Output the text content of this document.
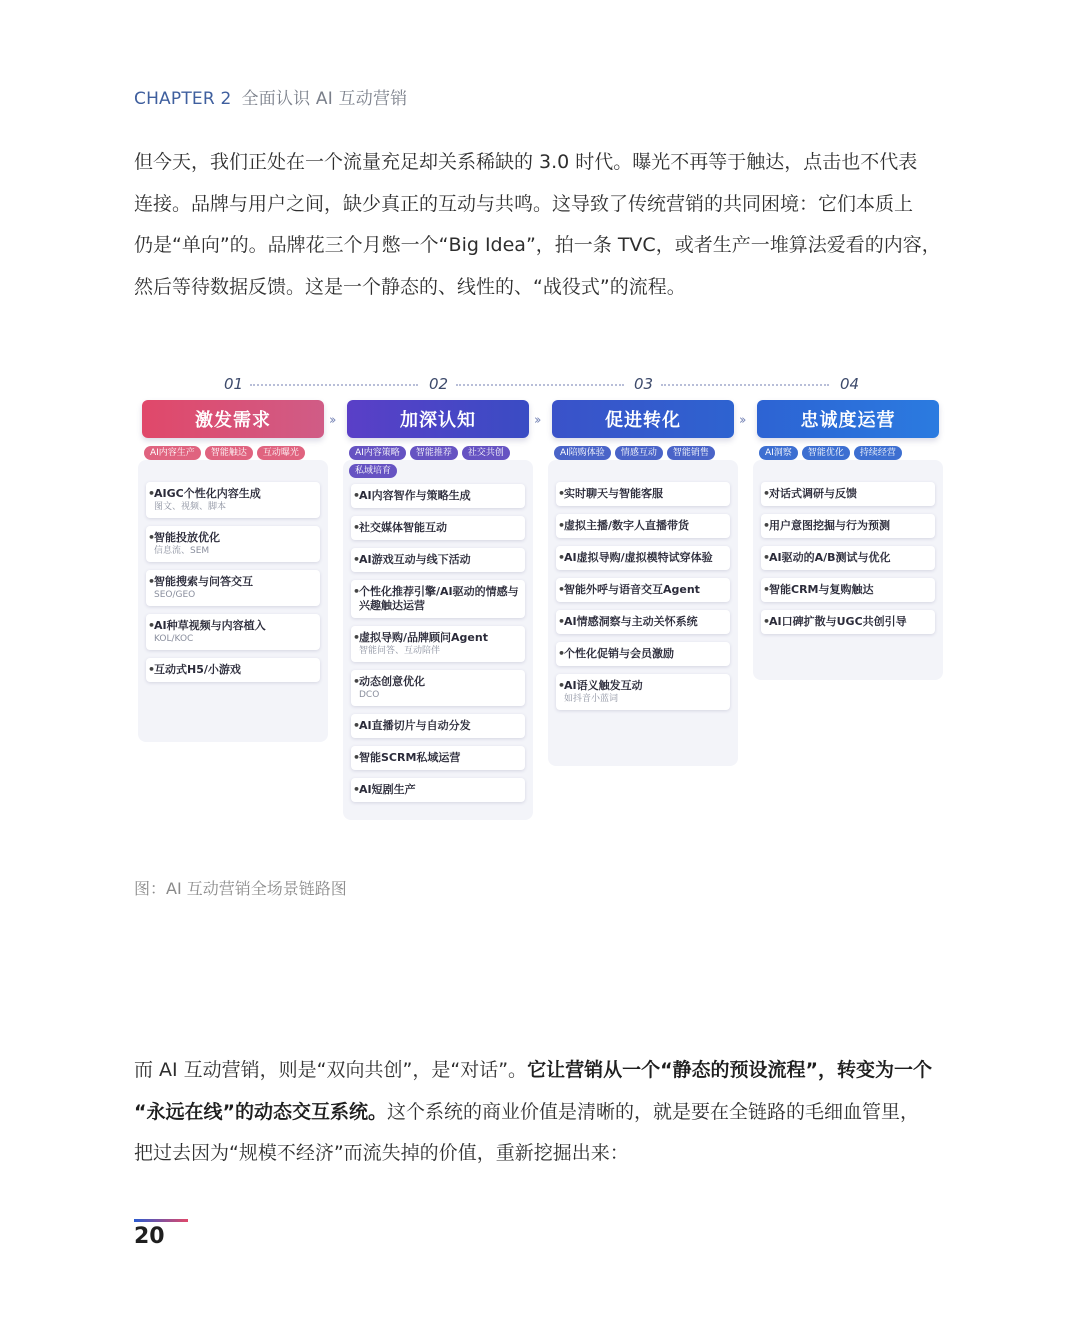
CHAPTER 2 全面认识 AI 互动营销

但今天，我们正处在一个流量充足却关系稀缺的 3.0 时代。曝光不再等于触达，点击也不代表

连接。品牌与用户之间，缺少真正的互动与共鸣。这导致了传统营销的共同困境：它们本质上

仍是“单向”的。品牌花三个月憋一个“Big Idea”，拍一条 TVC，或者生产一堆算法爱看的内容，

然后等待数据反馈。这是一个静态的、线性的、“战役式”的流程。

01	02	03	04
››	››	››
激发需求
AI内容生产	智能触达	互动曝光
• AIGC个性化内容生成
图文、视频、脚本
• 智能投放优化
信息流、SEM
• 智能搜索与问答交互
SEO/GEO
• AI种草视频与内容植入
KOL/KOC
• 互动式H5/小游戏
加深认知
AI内容策略	智能推荐	社交共创
私域培育
• AI内容智作与策略生成
• 社交媒体智能互动
• AI游戏互动与线下活动
• 个性化推荐引擎/AI驱动的情感与兴趣触达运营
• 虚拟导购/品牌顾问Agent
智能问答、互动陪伴
• 动态创意优化
DCO
• AI直播切片与自动分发
• 智能SCRM私域运营
• AI短剧生产
促进转化
AI陪购体验	情感互动	智能销售
• 实时聊天与智能客服
• 虚拟主播/数字人直播带货
• AI虚拟导购/虚拟模特试穿体验
• 智能外呼与语音交互Agent
• AI情感洞察与主动关怀系统
• 个性化促销与会员激励
• AI语义触发互动
如抖音小蓝词
忠诚度运营
AI洞察	智能优化	持续经营
• 对话式调研与反馈
• 用户意图挖掘与行为预测
• AI驱动的A/B测试与优化
• 智能CRM与复购触达
• AI口碑扩散与UGC共创引导
图：AI 互动营销全场景链路图

而 AI 互动营销，则是“双向共创”，是“对话”。它让营销从一个“静态的预设流程”，转变为一个

“永远在线”的动态交互系统。这个系统的商业价值是清晰的，就是要在全链路的毛细血管里，

把过去因为“规模不经济”而流失掉的价值，重新挖掘出来：

20
